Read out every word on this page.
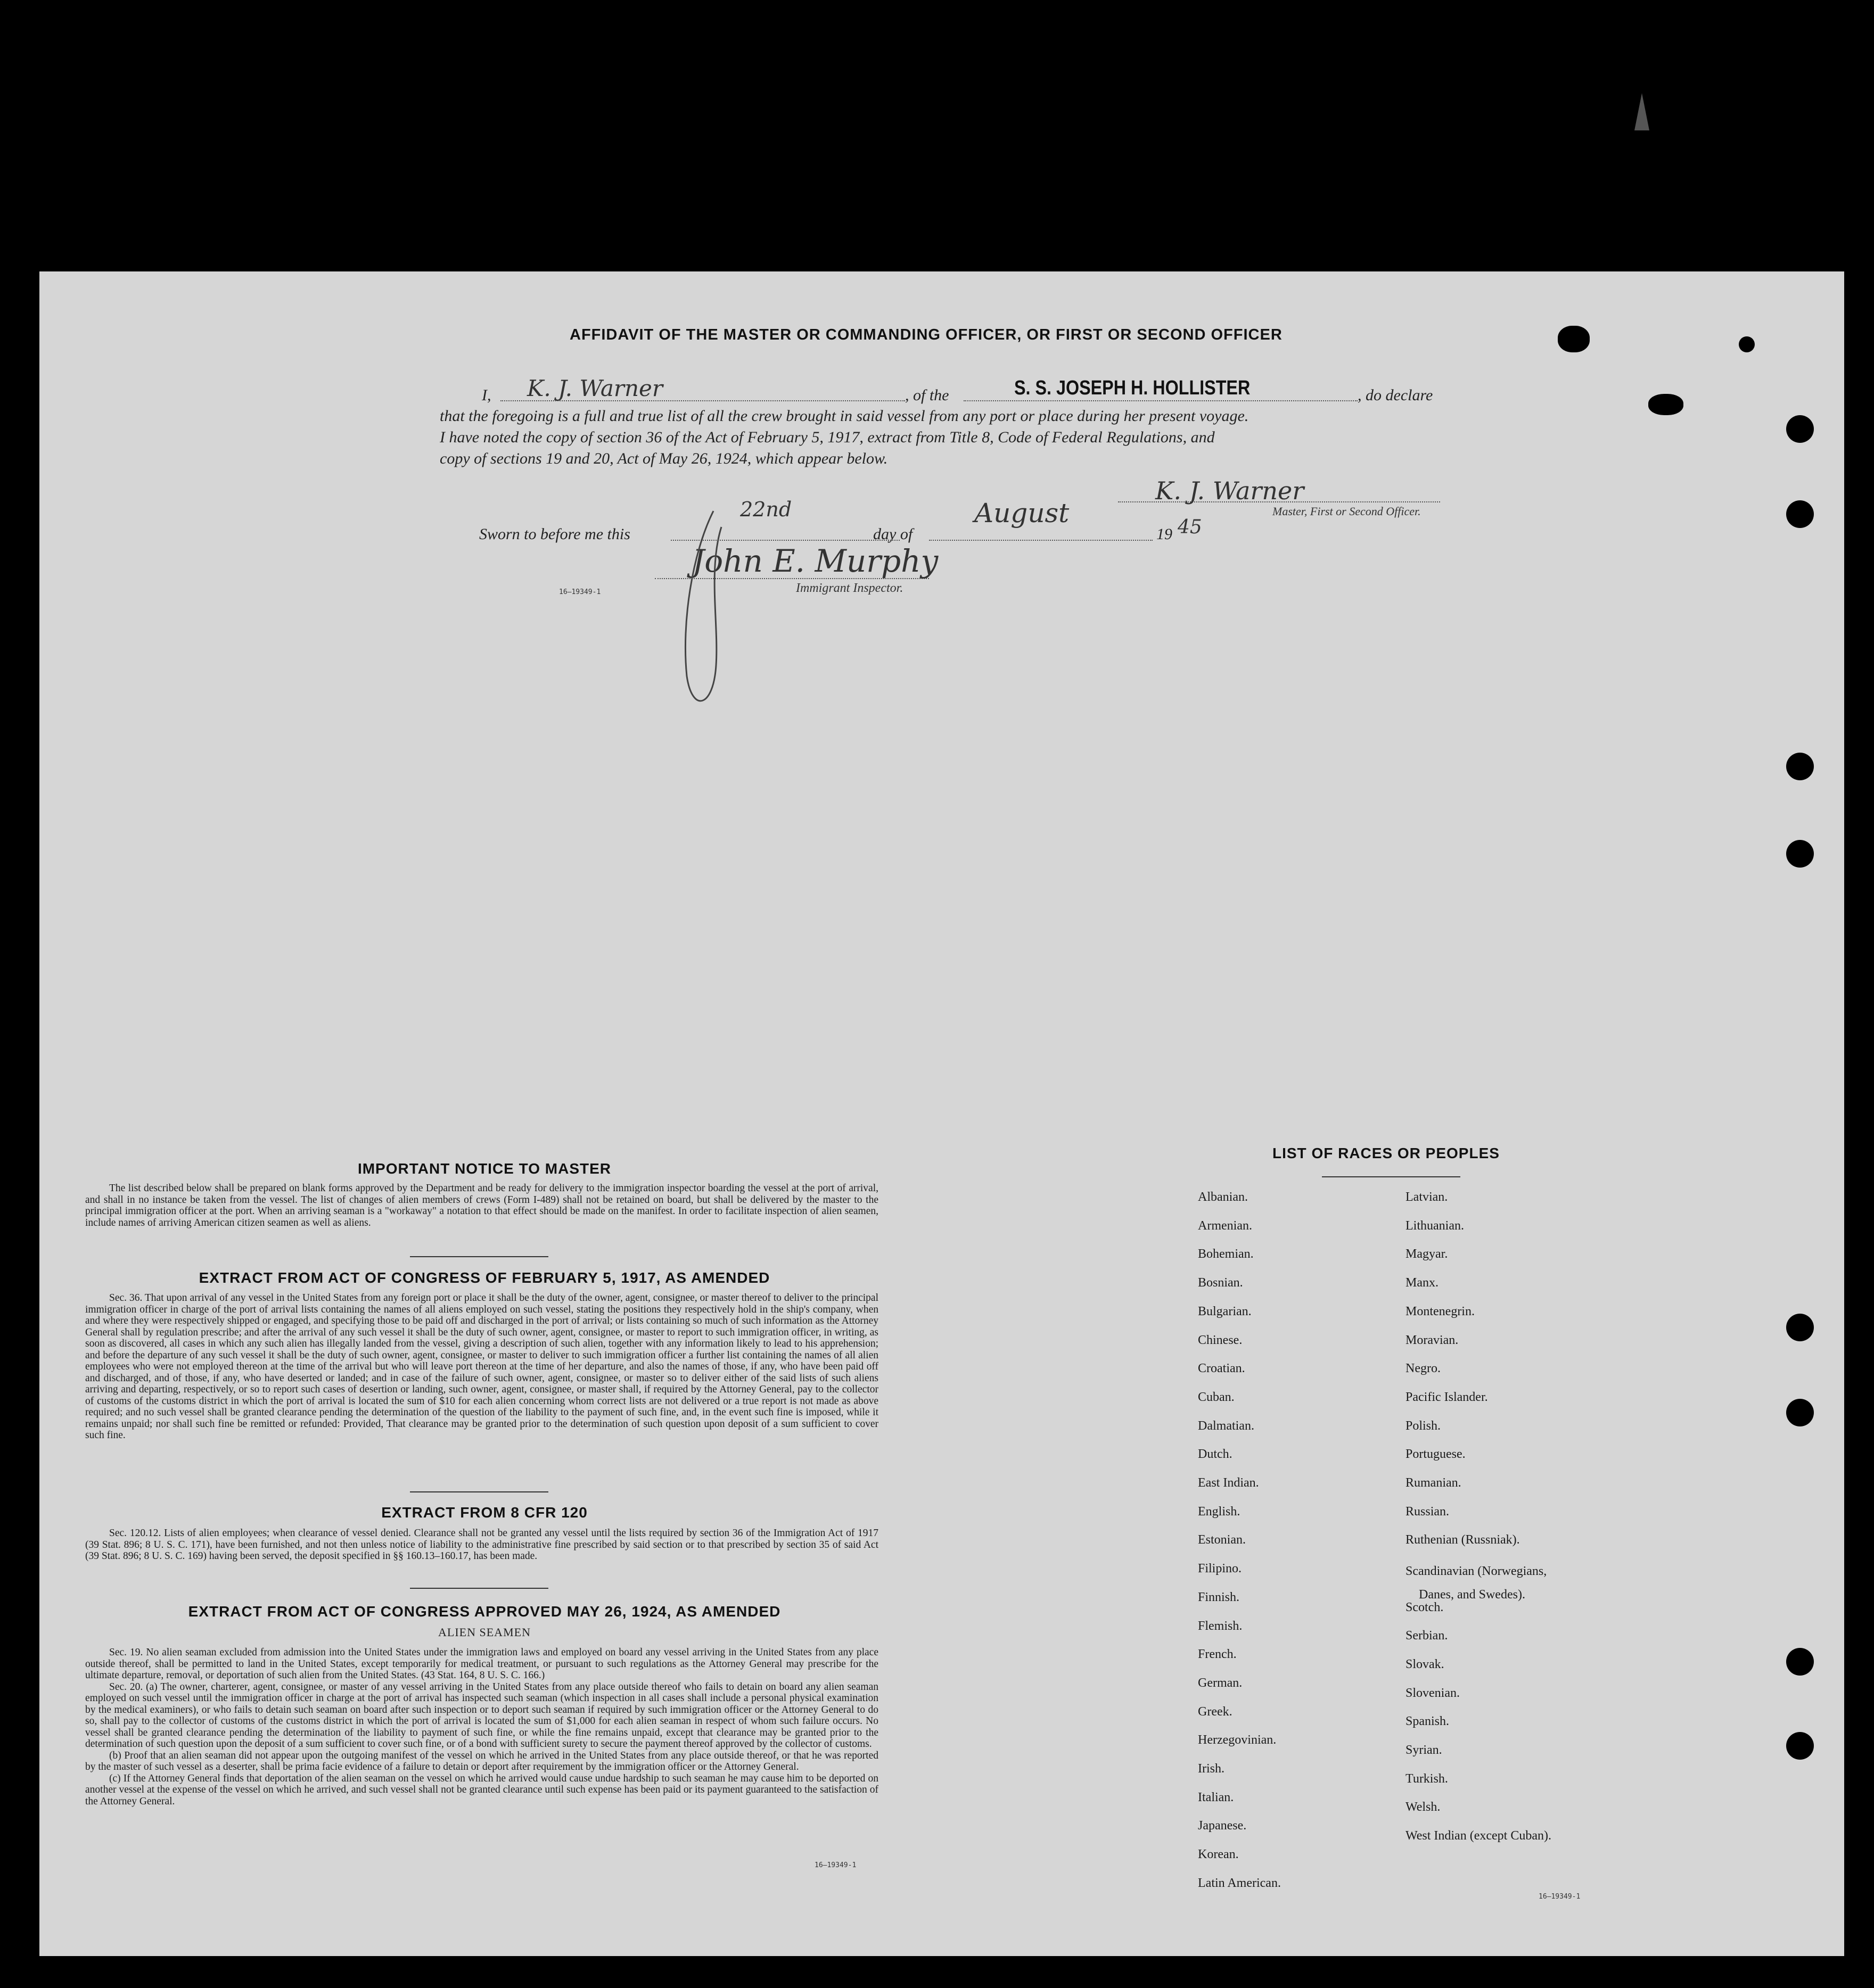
AFFIDAVIT OF THE MASTER OR COMMANDING OFFICER, OR FIRST OR SECOND OFFICER
I, K. J. Warner	, of the	S. S. JOSEPH H. HOLLISTER	, do declare
that the foregoing is a full and true list of all the crew brought in said vessel from any port or place during her present voyage.
I have noted the copy of section 36 of the Act of February 5, 1917, extract from Title 8, Code of Federal Regulations, and
copy of sections 19 and 20, Act of May 26, 1924, which appear below.
K. J. Warner
Master, First or Second Officer.
Sworn to before me this
22nd
day of
August
19 45
John E. Murphy
Immigrant Inspector.
16—19349-1
IMPORTANT NOTICE TO MASTER

The list described below shall be prepared on blank forms approved by the Department and be ready for delivery to the immigration inspector boarding the vessel at the port of arrival, and shall in no instance be taken from the vessel. The list of changes of alien members of crews (Form I-489) shall not be retained on board, but shall be delivered by the master to the principal immigration officer at the port. When an arriving seaman is a "workaway" a notation to that effect should be made on the manifest. In order to facilitate inspection of alien seamen, include names of arriving American citizen seamen as well as aliens.

EXTRACT FROM ACT OF CONGRESS OF FEBRUARY 5, 1917, AS AMENDED

Sec. 36. That upon arrival of any vessel in the United States from any foreign port or place it shall be the duty of the owner, agent, consignee, or master thereof to deliver to the principal immigration officer in charge of the port of arrival lists containing the names of all aliens employed on such vessel, stating the positions they respectively hold in the ship's company, when and where they were respectively shipped or engaged, and specifying those to be paid off and discharged in the port of arrival; or lists containing so much of such information as the Attorney General shall by regulation prescribe; and after the arrival of any such vessel it shall be the duty of such owner, agent, consignee, or master to report to such immigration officer, in writing, as soon as discovered, all cases in which any such alien has illegally landed from the vessel, giving a description of such alien, together with any information likely to lead to his apprehension; and before the departure of any such vessel it shall be the duty of such owner, agent, consignee, or master to deliver to such immigration officer a further list containing the names of all alien employees who were not employed thereon at the time of the arrival but who will leave port thereon at the time of her departure, and also the names of those, if any, who have been paid off and discharged, and of those, if any, who have deserted or landed; and in case of the failure of such owner, agent, consignee, or master so to deliver either of the said lists of such aliens arriving and departing, respectively, or so to report such cases of desertion or landing, such owner, agent, consignee, or master shall, if required by the Attorney General, pay to the collector of customs of the customs district in which the port of arrival is located the sum of $10 for each alien concerning whom correct lists are not delivered or a true report is not made as above required; and no such vessel shall be granted clearance pending the determination of the question of the liability to the payment of such fine, and, in the event such fine is imposed, while it remains unpaid; nor shall such fine be remitted or refunded: Provided, That clearance may be granted prior to the determination of such question upon deposit of a sum sufficient to cover such fine.

EXTRACT FROM 8 CFR 120

Sec. 120.12. Lists of alien employees; when clearance of vessel denied. Clearance shall not be granted any vessel until the lists required by section 36 of the Immigration Act of 1917 (39 Stat. 896; 8 U. S. C. 171), have been furnished, and not then unless notice of liability to the administrative fine prescribed by said section or to that prescribed by section 35 of said Act (39 Stat. 896; 8 U. S. C. 169) having been served, the deposit specified in §§ 160.13–160.17, has been made.

EXTRACT FROM ACT OF CONGRESS APPROVED MAY 26, 1924, AS AMENDED
ALIEN SEAMEN

Sec. 19. No alien seaman excluded from admission into the United States under the immigration laws and employed on board any vessel arriving in the United States from any place outside thereof, shall be permitted to land in the United States, except temporarily for medical treatment, or pursuant to such regulations as the Attorney General may prescribe for the ultimate departure, removal, or deportation of such alien from the United States. (43 Stat. 164, 8 U. S. C. 166.)

Sec. 20. (a) The owner, charterer, agent, consignee, or master of any vessel arriving in the United States from any place outside thereof who fails to detain on board any alien seaman employed on such vessel until the immigration officer in charge at the port of arrival has inspected such seaman (which inspection in all cases shall include a personal physical examination by the medical examiners), or who fails to detain such seaman on board after such inspection or to deport such seaman if required by such immigration officer or the Attorney General to do so, shall pay to the collector of customs of the customs district in which the port of arrival is located the sum of $1,000 for each alien seaman in respect of whom such failure occurs. No vessel shall be granted clearance pending the determination of the liability to payment of such fine, or while the fine remains unpaid, except that clearance may be granted prior to the determination of such question upon the deposit of a sum sufficient to cover such fine, or of a bond with sufficient surety to secure the payment thereof approved by the collector of customs.

(b) Proof that an alien seaman did not appear upon the outgoing manifest of the vessel on which he arrived in the United States from any place outside thereof, or that he was reported by the master of such vessel as a deserter, shall be prima facie evidence of a failure to detain or deport after requirement by the immigration officer or the Attorney General.

(c) If the Attorney General finds that deportation of the alien seaman on the vessel on which he arrived would cause undue hardship to such seaman he may cause him to be deported on another vessel at the expense of the vessel on which he arrived, and such vessel shall not be granted clearance until such expense has been paid or its payment guaranteed to the satisfaction of the Attorney General.

16—19349-1
LIST OF RACES OR PEOPLES
Albanian.
Armenian.
Bohemian.
Bosnian.
Bulgarian.
Chinese.
Croatian.
Cuban.
Dalmatian.
Dutch.
East Indian.
English.
Estonian.
Filipino.
Finnish.
Flemish.
French.
German.
Greek.
Herzegovinian.
Irish.
Italian.
Japanese.
Korean.
Latin American.
Latvian.
Lithuanian.
Magyar.
Manx.
Montenegrin.
Moravian.
Negro.
Pacific Islander.
Polish.
Portuguese.
Rumanian.
Russian.
Ruthenian (Russniak).
Scandinavian (Norwegians,
Scotch.
Serbian.
Slovak.
Slovenian.
Spanish.
Syrian.
Turkish.
Welsh.
West Indian (except Cuban).
Danes, and Swedes).
16—19349-1
